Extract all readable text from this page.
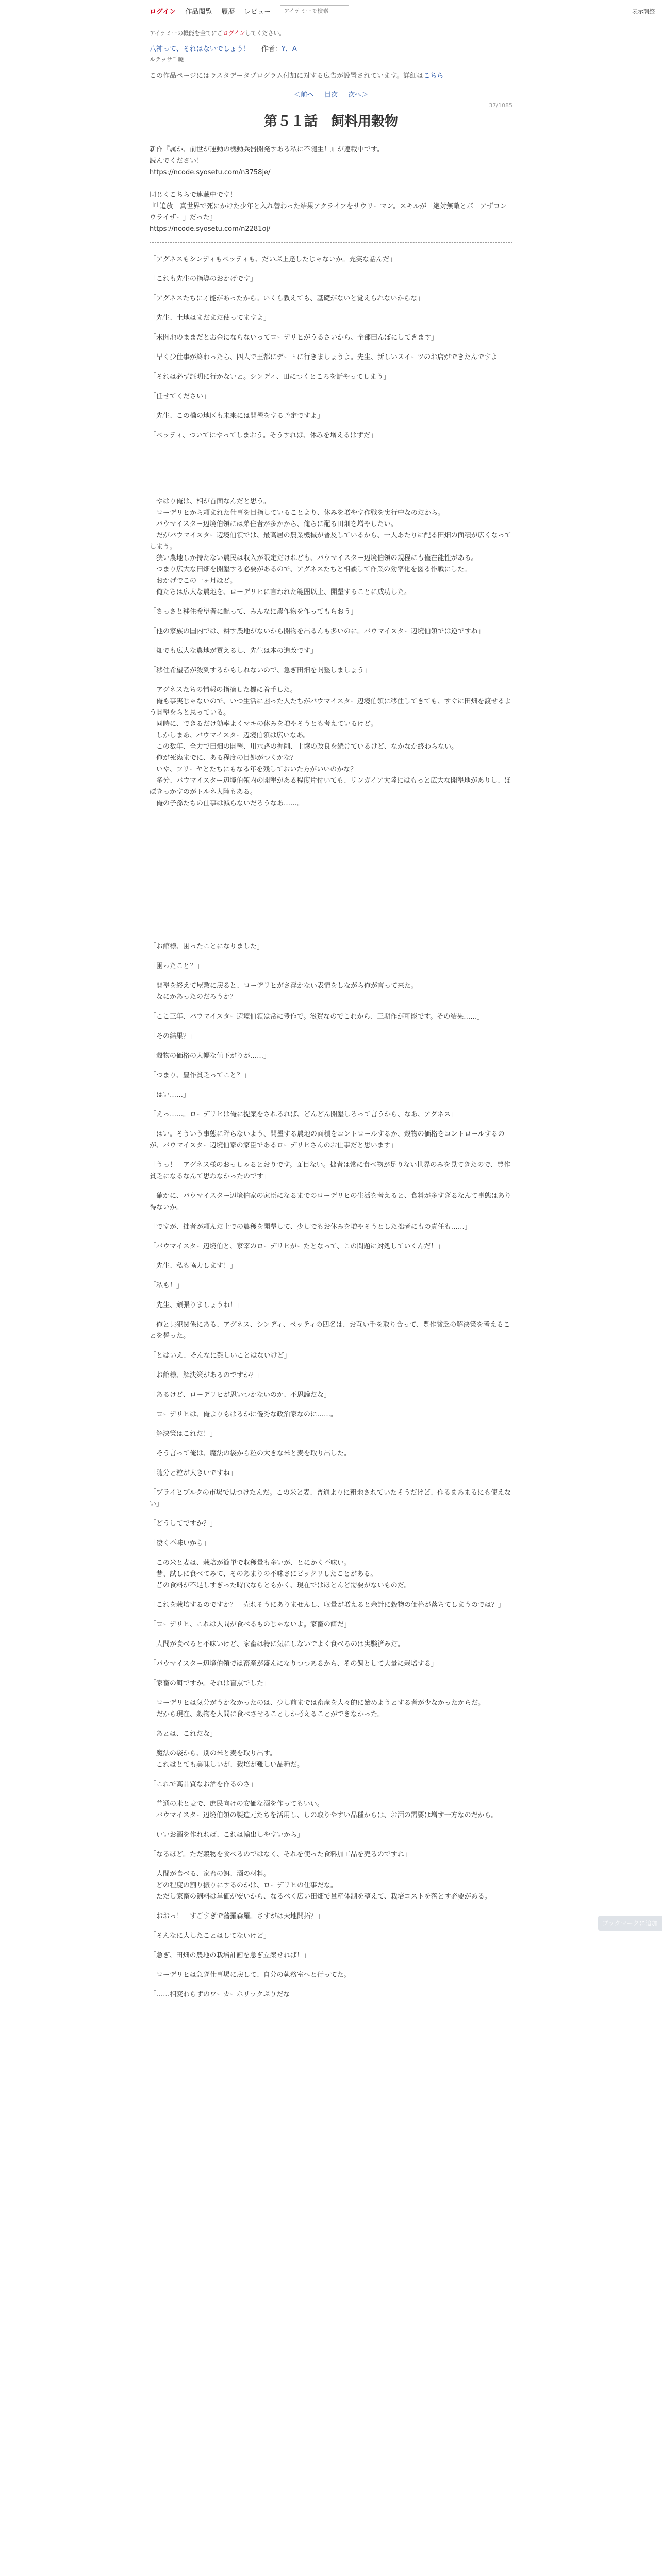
ログイン 作品閲覧 履歴 レビュー
アイテミーで検索	表示調整

アイテミーの機能を全てにごログインしてください。

八神って、それはないでしょう！ 作者：Y．A
ルテッサ千暁

この作品ページにはラスタデータプログラム付加に対する広告が設置されています。詳細はこちら

＜前へ 目次 次へ＞
37/1085
第５１話　飼料用穀物
新作『属か、前世が運動の機動兵器開発すある私に不随生！』が連載中です。
読んでください！
https://ncode.syosetu.com/n3758je/

同じくこちらで連載中です！
『「追放」真世界で死にかけた少年と入れ替わった結果アクライフをサウリーマン。スキルが「絶対無敵とボ　アザロンウライザー」だった』
https://ncode.syosetu.com/n2281oj/

「アグネスもシンディもベッティも、だいぶ上達したじゃないか。充実な話んだ」

「これも先生の指導のおかげです」

「アグネスたちに才能があったから。いくら教えても、基礎がないと覚えられないからな」

「先生、土地はまだまだ使ってますよ」

「未開地のままだとお金にならないってローデリヒがうるさいから、全部田んぼにしてきます」

「早く少仕事が終わったら、四人で王都にデートに行きましょうよ。先生、新しいスイーツのお店ができたんですよ」

「それは必ず証明に行かないと。シンディ、田につくところを話やってしまう」

「任せてください」

「先生、この橋の地区も未来には開墾をする予定ですよ」

「ベッティ、ついてにやってしまおう。そうすれば、休みを増えるはずだ」

　やはり俺は、相が首面なんだと思う。
　ローデリヒから頼まれた仕事を目指していることより、休みを増やす作戦を実行中なのだから。
　バウマイスター辺境伯領には弟住者が多かから、俺らに配る田畑を増やしたい。
　だがバウマイスター辺境伯領では、最高居の農業機械が普及しているから、一人あたりに配る田畑の面積が広くなってしまう。
　狭い農地しか持たない農民は収入が限定だけれども、バウマイスター辺境伯領の規程にも僅在能性がある。
　つまり広大な田畑を開墾する必要があるので、アグネスたちと相談して作業の効率化を図る作戦にした。
　おかげでこの一ヶ月ほど。
　俺たちは広大な農地を、ローデリヒに言われた範囲以上、開墾することに成功した。

「さっさと移住希望者に配って、みんなに農作物を作ってもらおう」

「他の家族の国内では、耕す農地がないから開物を出るんも多いのに。バウマイスター辺境伯領では逆ですね」

「畑でも広大な農地が買えるし、先生は本の進改です」

「移住希望者が殺到するかもしれないので、急ぎ田畑を開墾しましょう」

　アグネスたちの情報の指摘した機に着手した。
　俺も事実じゃないので、いつ生活に困った人たちがバウマイスター辺境伯領に移住してきても、すぐに田畑を渡せるよう開墾をらと思っている。
　同時に、できるだけ効率よくマキの休みを増やそうとも考えているけど。
　しかしまあ、バウマイスター辺境伯領は広いなあ。
　この数年、全力で田畑の開墾、用水路の掘削、土壌の改良を続けているけど、なかなか終わらない。
　俺が死ぬまでに、ある程度の目処がつくかな？
　いや、フリーヤとたちにもなる年を残しておいた方がいいのかな？
　多分、バウマイスター辺境伯領内の開墾がある程度片付いても、リンガイア大陸にはもっと広大な開墾地がありし、ほぼきっかすのがトルネ大陸もある。
　俺の子孫たちの仕事は減らないだろうなあ……。

「お館様、困ったことになりました」

「困ったこと？」

　開墾を終えて屋敷に戻ると、ローデリヒがさ浮かない表情をしながら俺が言って来た。
　なにかあったのだろうか？

「ここ三年、バウマイスター辺境伯領は常に豊作で。滋賀なのでこれから、三期作が可能です。その結果……」

「その結果？」

「穀物の価格の大幅な値下がりが……」

「つまり、豊作貧乏ってこと？」

「はい……」

「えっ……。ローデリヒは俺に提案をされるれば、どんどん開墾しろって言うから、なあ、アグネス」

「はい。そういう事態に陥らないよう、開墾する農地の面積をコントロールするか、穀物の価格をコントロールするのが、バウマイスター辺境伯家の家臣であるローデリヒさんのお仕事だと思います」

「うっ！　アグネス様のおっしゃるとおりです。面目ない。拙者は常に食べ物が足りない世界のみを見てきたので、豊作貧乏になるなんて思わなかったのです」

　確かに、バウマイスター辺境伯家の家臣になるまでのローデリヒの生活を考えると、食料が多すぎるなんて事態はあり得ないか。

「ですが、拙者が頼んだ上での農穫を開墾して、少しでもお休みを増やそうとした拙者にもの責任も……」

「バウマイスター辺境伯と、家宰のローデリヒがーたとなって、この問題に対処していくんだ！」

「先生、私も協力します！」

「私も！」

「先生、頑張りましょうね！」

　俺と共犯関係にある、アグネス、シンディ、ベッティの四名は、お互い手を取り合って、豊作貧乏の解決策を考えることを誓った。

「とはいえ、そんなに難しいことはないけど」

「お館様、解決策があるのですか？」

「あるけど、ローデリヒが思いつかないのか、不思議だな」

　ローデリヒは、俺よりもはるかに優秀な政治家なのに……。

「解決策はこれだ！」

　そう言って俺は、魔法の袋から粒の大きな米と麦を取り出した。

「随分と粒が大きいですね」

「プライヒブルクの市場で見つけたんだ。この米と麦、普通よりに粗地されていたそうだけど、作るまあまるにも使えない」

「どうしてですか？」

「凄く不味いから」

　この米と麦は、栽培が簡単で収穫量も多いが、とにかく不味い。
　昔、試しに食べてみて、そのあまりの不味さにビックリしたことがある。
　昔の食料が不足しすぎった時代ならともかく、現在ではほとんど需要がないものだ。

「これを栽培するのですか？　売れそうにありませんし、収量が増えると余計に穀物の価格が落ちてしまうのでは？」

「ローデリヒ、これは人間が食べるものじゃないよ。家畜の餌だ」

　人間が食べると不味いけど、家畜は特に気にしないでよく食べるのは実験済みだ。

「バウマイスター辺境伯領では畜産が盛んになりつつあるから、その飼として大量に栽培する」

「家畜の餌ですか。それは盲点でした」

　ローデリヒは気分がうかなかったのは、少し前までは畜産を大々的に始めようとする者が少なかったからだ。
　だから現在、穀物を人間に食べさせることしか考えることができなかった。

「あとは、これだな」

　魔法の袋から、別の米と麦を取り出す。
　これはとても美味しいが、栽培が難しい品種だ。

「これで高品質なお酒を作るのさ」

　普通の米と麦で、庶民向けの安価な酒を作ってもいい。
　バウマイスター辺境伯領の製造元たちを活用し、しの取りやすい品種からは、お酒の需要は増す一方なのだから。

「いいお酒を作れれば、これは輸出しやすいから」

「なるほど。ただ穀物を食べるのではなく、それを使った食料加工品を売るのですね」

　人間が食べる、家畜の餌、酒の材料。
　どの程度の割り振りにするのかは、ローデリヒの仕事だな。
　ただし家畜の飼料は単価が安いから、なるべく広い田畑で量産体制を整えて、栽培コストを落とす必要がある。

「おおっ！　すごすぎで藩羅森羅。さすがは天地開拓？」

「そんなに大したことはしてないけど」

「急ぎ、田畑の農地の栽培計画を急ぎ立案せねば！」

　ローデリヒは急ぎ仕事場に戻して、自分の執務室へと行ってた。

「……相変わらずのワーカーホリックぶりだな」

ブックマークに追加
